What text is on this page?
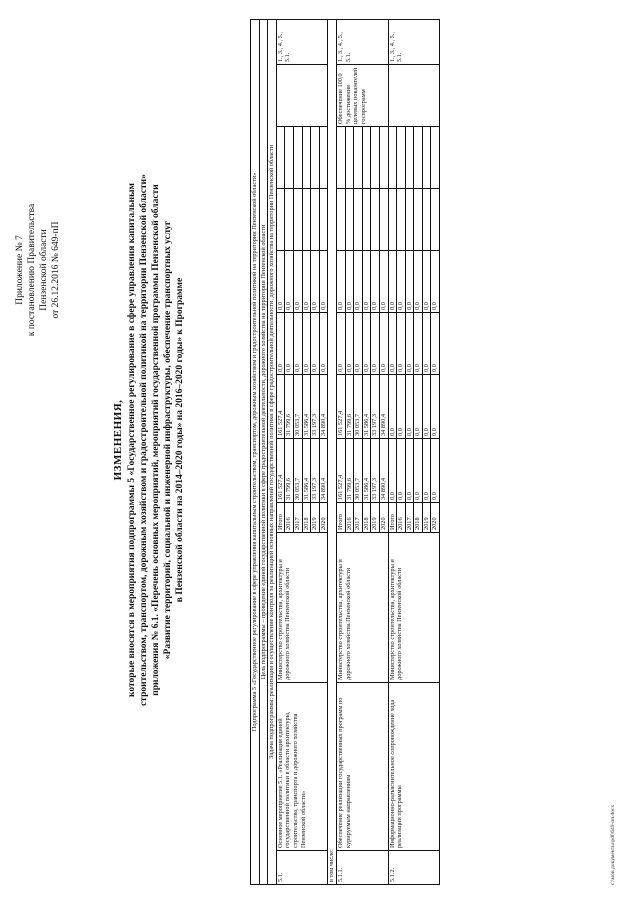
Приложение № 7 к постановлению Правительства Пензенской области от 26.12.2016 № 649-пП
ИЗМЕНЕНИЯ, которые вносятся в мероприятия подпрограммы 5 «Государственное регулирование в сфере управления капитальным строительством, транспортом, дорожным хозяйством и градостроительной политикой на территории Пензенской области» приложения № 6.1. «Перечень основных мероприятий, мероприятий государственной программы Пензенской области «Развитие территорий, социальной и инженерной инфраструктуры, обеспечение транспортных услуг в Пензенской области на 2014–2020 годы» на 2016–2020 годы» к Программе	Подпрограмма 5 «Государственное регулирование в сфере управления капитальным строительством, транспортом, дорожным хозяйством и градостроительной политикой на территории Пензенской области»											
Цель подпрограммы – проведение единой государственной политики в сфере градостроительной деятельности, дорожного хозяйства на территории Пензенской области											
Задача подпрограммы: реализация и осуществление контроля за реализацией основных направлений государственной политики в сфере градостроительной деятельности, дорожного хозяйства на территории Пензенской области											
5.1.	Основное мероприятие 5.1. «Реализация единой государственной политики в области архитектуры, строительства, транспорта и дорожного хозяйства Пензенской области»	Министерство строительства, архитектуры и дорожного хозяйства Пензенской области	Итого	161 527,4	161 527,4	0,0	0,0				1., 3., 4., 5., 5.1.
			2016	31 799,6	31 799,6	0,0	0,0				
			2017	30 053,7	30 053,7	0,0	0,0				
			2018	31 586,4	31 586,4	0,0	0,0				
			2019	33 197,3	33 197,3	0,0	0,0				
			2020	34 890,4	34 890,4	0,0	0,0				
в том числе:											
5.1.1.	Обеспечение реализации государственных программ по курируемым направлениям	Министерство строительства, архитектуры и дорожного хозяйства Пензенской области	Итого	161 527,4	161 527,4	0,0	0,0			Обеспечение 100,0 % достижения целевых показателей госпрограмм	1., 3., 4., 5., 5.1.
			2016	31 799,6	31 799,6	0,0	0,0				
			2017	30 053,7	30 053,7	0,0	0,0				
			2018	31 586,4	31 586,4	0,0	0,0				
			2019	33 197,3	33 197,3	0,0	0,0				
			2020	34 890,4	34 890,4	0,0	0,0				
5.1.2.	Информационно-разъяснительное сопровождение хода реализации программы	Министерство строительства, архитектуры и дорожного хозяйства Пензенской области	Итого	0,0	0,0	0,0	0,0				1., 3., 4., 5., 5.1.
			2016	0,0	0,0	0,0	0,0				
			2017	0,0	0,0	0,0	0,0				
			2018	0,0	0,0	0,0	0,0				
			2019	0,0	0,0	0,0	0,0				
			2020	0,0	0,0	0,0	0,0				
c:\мои документы\pdf\649-пп.docx
